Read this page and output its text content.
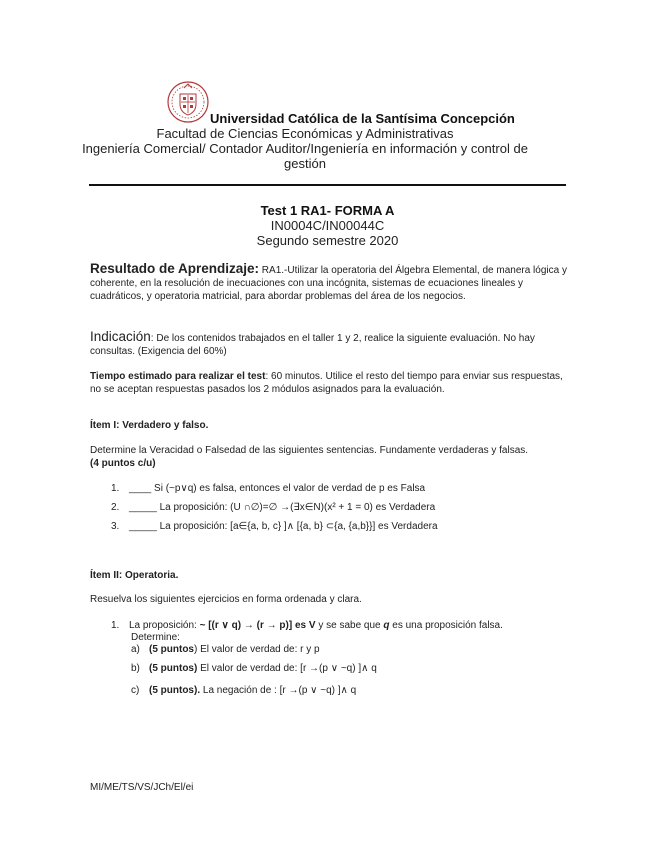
Universidad Católica de la Santísima Concepción
Facultad de Ciencias Económicas y Administrativas
Ingeniería Comercial/ Contador Auditor/Ingeniería en información y control de
gestión
Test 1 RA1- FORMA A
IN0004C/IN00044C
Segundo semestre 2020
Resultado de Aprendizaje: RA1.-Utilizar la operatoria del Álgebra Elemental, de manera lógica y coherente, en la resolución de inecuaciones con una incógnita, sistemas de ecuaciones lineales y cuadráticos, y operatoria matricial, para abordar problemas del área de los negocios.
Indicación: De los contenidos trabajados en el taller 1 y 2, realice la siguiente evaluación. No hay consultas. (Exigencia del 60%)
Tiempo estimado para realizar el test: 60 minutos. Utilice el resto del tiempo para enviar sus respuestas, no se aceptan respuestas pasados los 2 módulos asignados para la evaluación.
Ítem I: Verdadero y falso.
Determine la Veracidad o Falsedad de las siguientes sentencias. Fundamente verdaderas y falsas.
(4 puntos c/u)
1. ____ Si (~p∨q) es falsa, entonces el valor de verdad de p es Falsa
2. _____ La proposición: (U ∩∅)=∅ →(∃x∈N)(x² + 1 = 0) es Verdadera
3. _____ La proposición: [a∈{a, b, c} ]∧ [{a, b} ⊂{a, {a,b}}] es Verdadera
Ítem II: Operatoria.
Resuelva los siguientes ejercicios en forma ordenada y clara.
1. La proposición: ~ [(r ∨ q) → (r → p)] es V y se sabe que q es una proposición falsa.
Determine:
a) (5 puntos) El valor de verdad de: r y p
b) (5 puntos) El valor de verdad de: [r →(p ∨ ~q) ]∧ q
c) (5 puntos). La negación de : [r →(p ∨ ~q) ]∧ q
MI/ME/TS/VS/JCh/El/ei
